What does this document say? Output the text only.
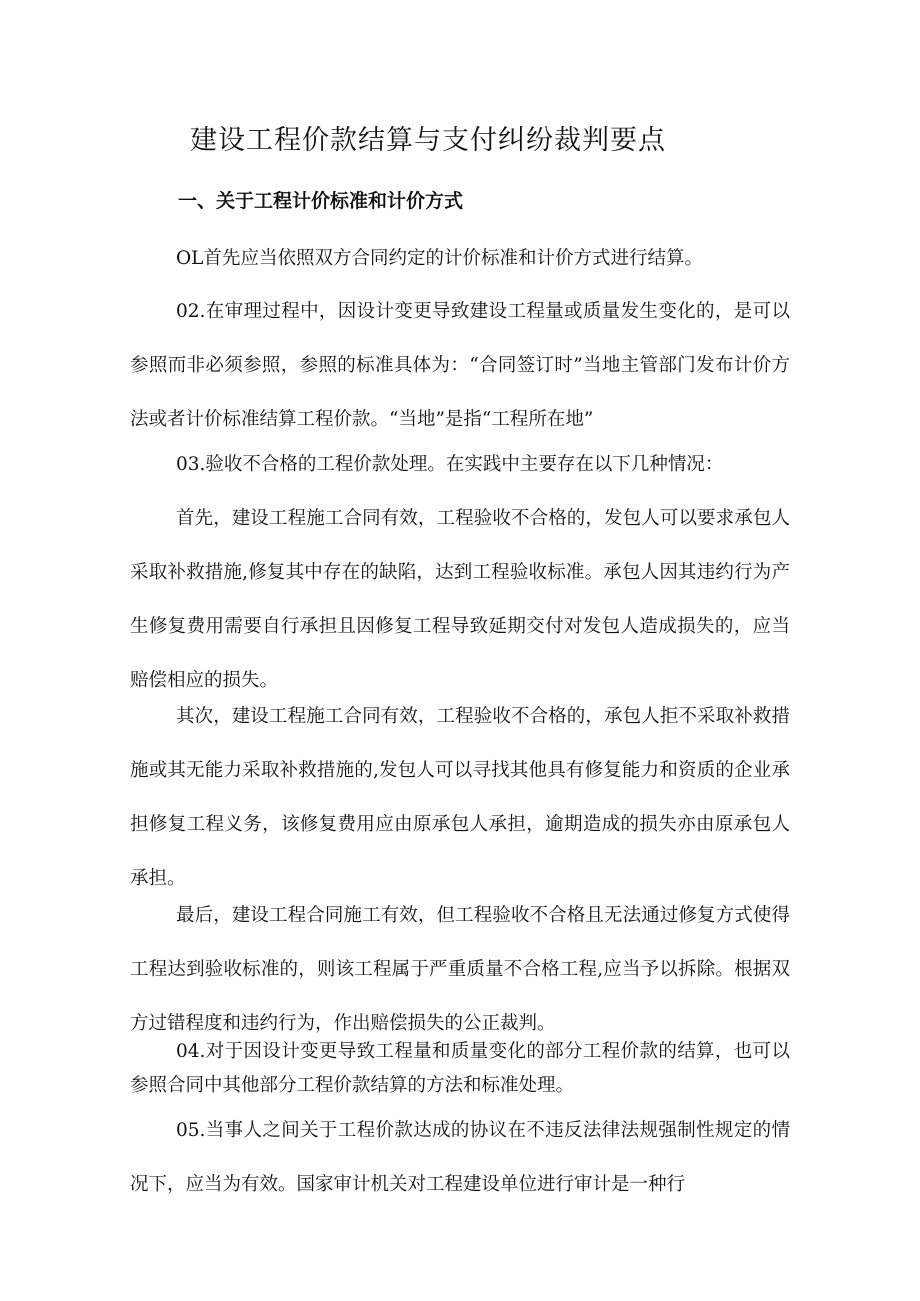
建设工程价款结算与支付纠纷裁判要点
一、关于工程计价标准和计价方式

OL首先应当依照双方合同约定的计价标准和计价方式进行结算。

02.在审理过程中，因设计变更导致建设工程量或质量发生变化的，是可以参照而非必须参照，参照的标准具体为：“合同签订时”当地主管部门发布计价方法或者计价标准结算工程价款。“当地”是指“工程所在地”

03.验收不合格的工程价款处理。在实践中主要存在以下几种情况：

首先，建设工程施工合同有效，工程验收不合格的，发包人可以要求承包人采取补救措施,修复其中存在的缺陷，达到工程验收标准。承包人因其违约行为产生修复费用需要自行承担且因修复工程导致延期交付对发包人造成损失的，应当赔偿相应的损失。

其次，建设工程施工合同有效，工程验收不合格的，承包人拒不采取补救措施或其无能力采取补救措施的,发包人可以寻找其他具有修复能力和资质的企业承担修复工程义务，该修复费用应由原承包人承担，逾期造成的损失亦由原承包人承担。

最后，建设工程合同施工有效，但工程验收不合格且无法通过修复方式使得工程达到验收标准的，则该工程属于严重质量不合格工程,应当予以拆除。根据双方过错程度和违约行为，作出赔偿损失的公正裁判。

04.对于因设计变更导致工程量和质量变化的部分工程价款的结算，也可以参照合同中其他部分工程价款结算的方法和标准处理。

05.当事人之间关于工程价款达成的协议在不违反法律法规强制性规定的情况下，应当为有效。国家审计机关对工程建设单位进行审计是一种行
